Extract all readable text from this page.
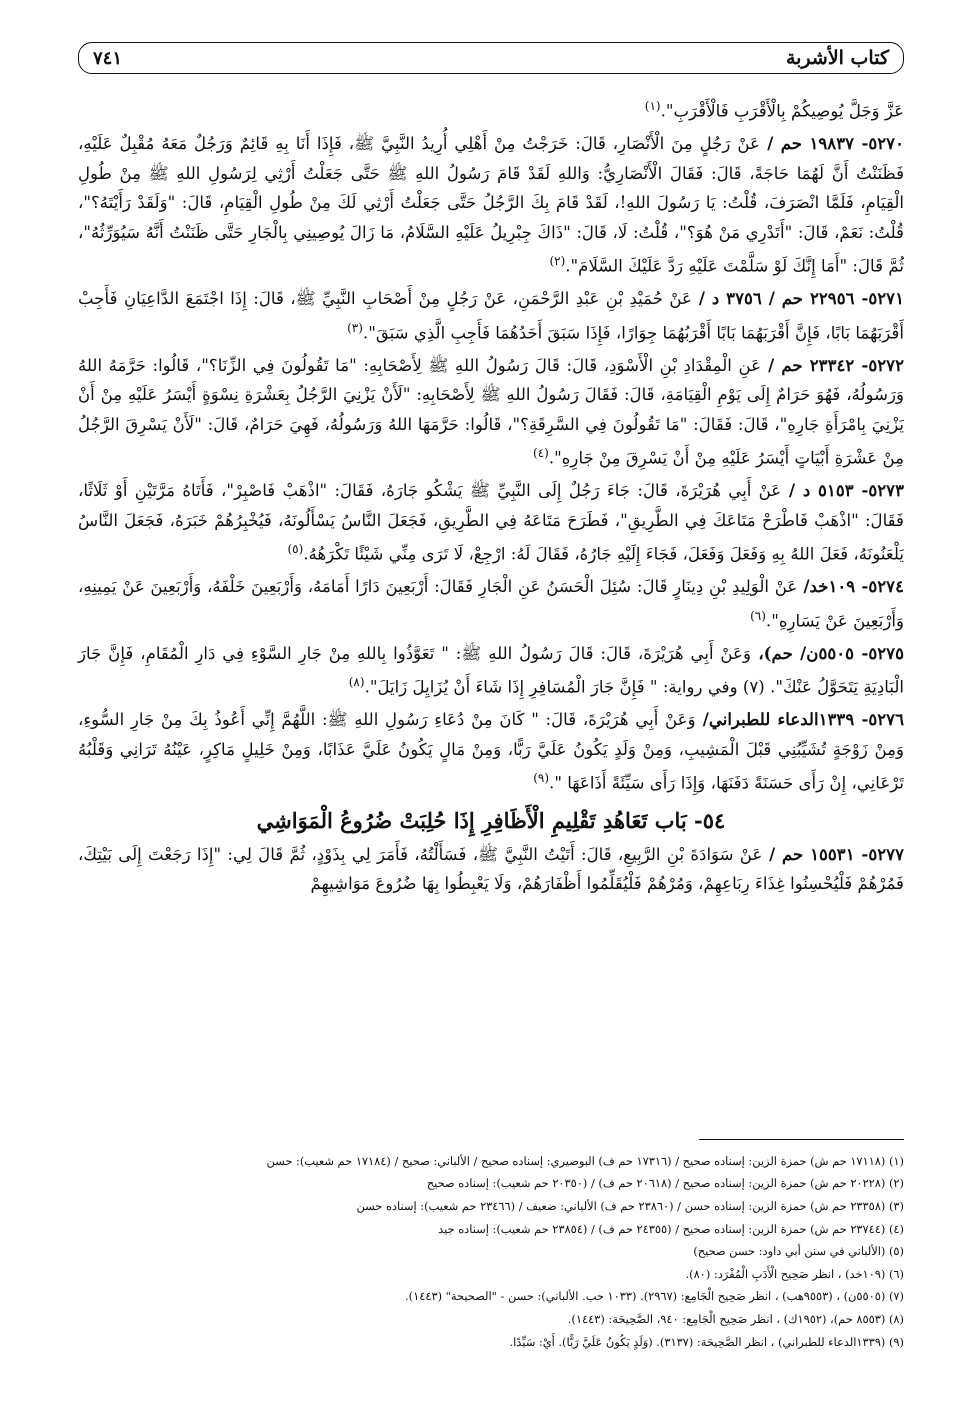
كتاب الأشربة
٧٤١

عَزَّ وَجَلَّ يُوصِيكُمْ بِالْأَقْرَبِ فَالْأَقْرَبِ".$^{(١)}$

٥٢٧٠- ١٩٨٣٧ حم / عَنْ رَجُلٍ مِنَ الْأَنْصَارِ، قَالَ: خَرَجْتُ مِنْ أَهْلِي أُرِيدُ النَّبِيَّ ﷺ، فَإِذَا أَنَا بِهِ قَائِمٌ وَرَجُلٌ مَعَهُ مُقْبِلٌ عَلَيْهِ، فَظَنَنْتُ أَنَّ لَهُمَا حَاجَةً، قَالَ: فَقَالَ الْأَنْصَارِيُّ: وَاللهِ لَقَدْ قَامَ رَسُولُ اللهِ ﷺ حَتَّى جَعَلْتُ أَرْثِي لِرَسُولِ اللهِ ﷺ مِنْ طُولِ الْقِيَامِ، فَلَمَّا انْصَرَفَ، قُلْتُ: يَا رَسُولَ اللهِ!، لَقَدْ قَامَ بِكَ الرَّجُلُ حَتَّى جَعَلْتُ أَرْثِي لَكَ مِنْ طُولِ الْقِيَامِ، قَالَ: "وَلَقَدْ رَأَيْتَهُ؟"، قُلْتُ: نَعَمْ، قَالَ: "أَتَدْرِي مَنْ هُوَ؟"، قُلْتُ: لَا، قَالَ: "ذَاكَ جِبْرِيلُ عَلَيْهِ السَّلَامُ، مَا زَالَ يُوصِينِي بِالْجَارِ حَتَّى ظَنَنْتُ أَنَّهُ سَيُوَرِّثُهُ"، ثُمَّ قَالَ: "أَمَا إِنَّكَ لَوْ سَلَّمْتَ عَلَيْهِ رَدَّ عَلَيْكَ السَّلَامَ".$^{(٢)}$

٥٢٧١- ٢٢٩٥٦ حم / ٣٧٥٦ د / عَنْ حُمَيْدِ بْنِ عَبْدِ الرَّحْمَنِ، عَنْ رَجُلٍ مِنْ أَصْحَابِ النَّبِيِّ ﷺ، قَالَ: إِذَا اجْتَمَعَ الدَّاعِيَانِ فَأَجِبْ أَقْرَبَهُمَا بَابًا، فَإِنَّ أَقْرَبَهُمَا بَابًا أَقْرَبُهُمَا جِوَارًا، فَإِذَا سَبَقَ أَحَدُهُمَا فَأَجِبِ الَّذِي سَبَقَ".$^{(٣)}$

٥٢٧٢- ٢٣٣٤٢ حم / عَنِ الْمِقْدَادِ بْنِ الْأَسْوَدِ، قَالَ: قَالَ رَسُولُ اللهِ ﷺ لِأَصْحَابِهِ: "مَا تَقُولُونَ فِي الزِّنَا؟"، قَالُوا: حَرَّمَهُ اللهُ وَرَسُولُهُ، فَهُوَ حَرَامٌ إِلَى يَوْمِ الْقِيَامَةِ، قَالَ: فَقَالَ رَسُولُ اللهِ ﷺ لِأَصْحَابِهِ: "لَأَنْ يَزْنِيَ الرَّجُلُ بِعَشْرَةِ نِسْوَةٍ أَيْسَرُ عَلَيْهِ مِنْ أَنْ يَزْنِيَ بِامْرَأَةِ جَارِهِ"، قَالَ: فَقَالَ: "مَا تَقُولُونَ فِي السَّرِقَةِ؟"، قَالُوا: حَرَّمَهَا اللهُ وَرَسُولُهُ، فَهِيَ حَرَامٌ، قَالَ: "لَأَنْ يَسْرِقَ الرَّجُلُ مِنْ عَشْرَةِ أَبْيَاتٍ أَيْسَرُ عَلَيْهِ مِنْ أَنْ يَسْرِقَ مِنْ جَارِهِ".$^{(٤)}$

٥٢٧٣- ٥١٥٣ د / عَنْ أَبِي هُرَيْرَةَ، قَالَ: جَاءَ رَجُلٌ إِلَى النَّبِيِّ ﷺ يَشْكُو جَارَهُ، فَقَالَ: "اذْهَبْ فَاصْبِرْ"، فَأَتَاهُ مَرَّتَيْنِ أَوْ ثَلَاثًا، فَقَالَ: "اذْهَبْ فَاطْرَحْ مَتَاعَكَ فِي الطَّرِيقِ"، فَطَرَحَ مَتَاعَهُ فِي الطَّرِيقِ، فَجَعَلَ النَّاسُ يَسْأَلُونَهُ، فَيُخْبِرُهُمْ خَبَرَهُ، فَجَعَلَ النَّاسُ يَلْعَنُونَهُ، فَعَلَ اللهُ بِهِ وَفَعَلَ وَفَعَلَ، فَجَاءَ إِلَيْهِ جَارُهُ، فَقَالَ لَهُ: ارْجِعْ، لَا تَرَى مِنِّي شَيْئًا تَكْرَهُهُ.$^{(٥)}$

٥٢٧٤- ١٠٩خد/ عَنْ الْوَلِيدِ بْنِ دِينَارٍ قَالَ: سُئِلَ الْحَسَنُ عَنِ الْجَارِ فَقَالَ: أَرْبَعِينَ دَارًا أَمَامَهُ، وَأَرْبَعِينَ خَلْفَهُ، وَأَرْبَعِينَ عَنْ يَمِينِهِ، وَأَرْبَعِينَ عَنْ يَسَارِهِ".$^{(٦)}$

٥٢٧٥- ٥٥٠٥ن/ حم)، وَعَنْ أَبِي هُرَيْرَةَ، قَالَ: قَالَ رَسُولُ اللهِ ﷺ: " تَعَوَّذُوا بِاللهِ مِنْ جَارِ السَّوْءِ فِي دَارِ الْمُقَامِ، فَإِنَّ جَارَ الْبَادِيَةِ يَتَحَوَّلُ عَنْكَ". (٧) وفي رواية: " فَإِنَّ جَارَ الْمُسَافِرِ إِذَا شَاءَ أَنْ يُزَايِلَ زَايَلَ".$^{(٨)}$

٥٢٧٦- ١٣٣٩الدعاء للطبراني/ وَعَنْ أَبِي هُرَيْرَةَ، قَالَ: " كَانَ مِنْ دُعَاءِ رَسُولِ اللهِ ﷺ: اللَّهُمَّ إِنِّي أَعُوذُ بِكَ مِنْ جَارِ السُّوءِ، وَمِنْ زَوْجَةٍ تُشَيِّبُنِي قَبْلَ الْمَشِيبِ، وَمِنْ وَلَدٍ يَكُونُ عَلَيَّ رَبًّا، وَمِنْ مَالٍ يَكُونُ عَلَيَّ عَذَابًا، وَمِنْ خَلِيلٍ مَاكِرٍ، عَيْنُهُ تَرَانِي وَقَلْبُهُ تَرْعَانِي، إِنْ رَأَى حَسَنَةً دَفَنَهَا، وَإِذَا رَأَى سَيِّئَةً أَذَاعَهَا ".$^{(٩)}$

٥٤- بَاب تَعَاهُدِ تَقْلِيمِ الْأَظَافِرِ إِذَا حُلِبَتْ ضُرُوعُ الْمَوَاشِي

٥٢٧٧- ١٥٥٣١ حم / عَنْ سَوَادَةَ بْنِ الرَّبِيعِ، قَالَ: أَتَيْتُ النَّبِيَّ ﷺ، فَسَأَلْتُهُ، فَأَمَرَ لِي بِذَوْدٍ، ثُمَّ قَالَ لِي: "إِذَا رَجَعْتَ إِلَى بَيْتِكَ، فَمُرْهُمْ فَلْيُحْسِنُوا غِذَاءَ رِبَاعِهِمْ، وَمُرْهُمْ فَلْيُقَلِّمُوا أَظْفَارَهُمْ، وَلَا يَعْبِطُوا بِهَا ضُرُوعَ مَوَاشِيهِمْ

(١) (١٧١١٨ حم ش) حمزة الزين: إسناده صحيح / (١٧٣١٦ حم ف) البوصيري: إسناده صحيح / الألباني: صحيح / (١٧١٨٤ حم شعيب): حسن
(٢) (٢٠٢٢٨ حم ش) حمزة الزين: إسناده صحيح / (٢٠٦١٨ حم ف) / (٢٠٣٥٠ حم شعيب): إسناده صحيح
(٣) (٢٣٣٥٨ حم ش) حمزة الزين: إسناده حسن / (٢٣٨٦٠ حم ف) الألباني: ضعيف / (٢٣٤٦٦ حم شعيب): إسناده حسن
(٤) (٢٣٧٤٤ حم ش) حمزة الزين: إسناده صحيح / (٢٤٣٥٥ حم ف) / (٢٣٨٥٤ حم شعيب): إسناده جيد
(٥) (الألباني في سنن أبي داود: حسن صحيح)
(٦) (١٠٩خد) ، انظر صَحِيح الْأَدَبِ الْمُفْرَد: (٨٠).
(٧) (٥٥٠٥ن) ، (٩٥٥٣هب) ، انظر صَحِيح الْجَامِع: (٢٩٦٧). (١٠٣٣ حب. الألباني): حسن - "الصحيحة" (١٤٤٣).
(٨) (٨٥٥٣ حم)، (١٩٥٢ك) ، انظر صَحِيح الْجَامِع: ٩٤٠، الصَّحِيحَة: (١٤٤٣).
(٩) (١٣٣٩الدعاء للطبراني) ، انظر الصَّحِيحَة: (٣١٣٧). (وَلَدٍ يَكُونُ عَلَيَّ رَبًّا). أَيْ: سَيِّدًا.
